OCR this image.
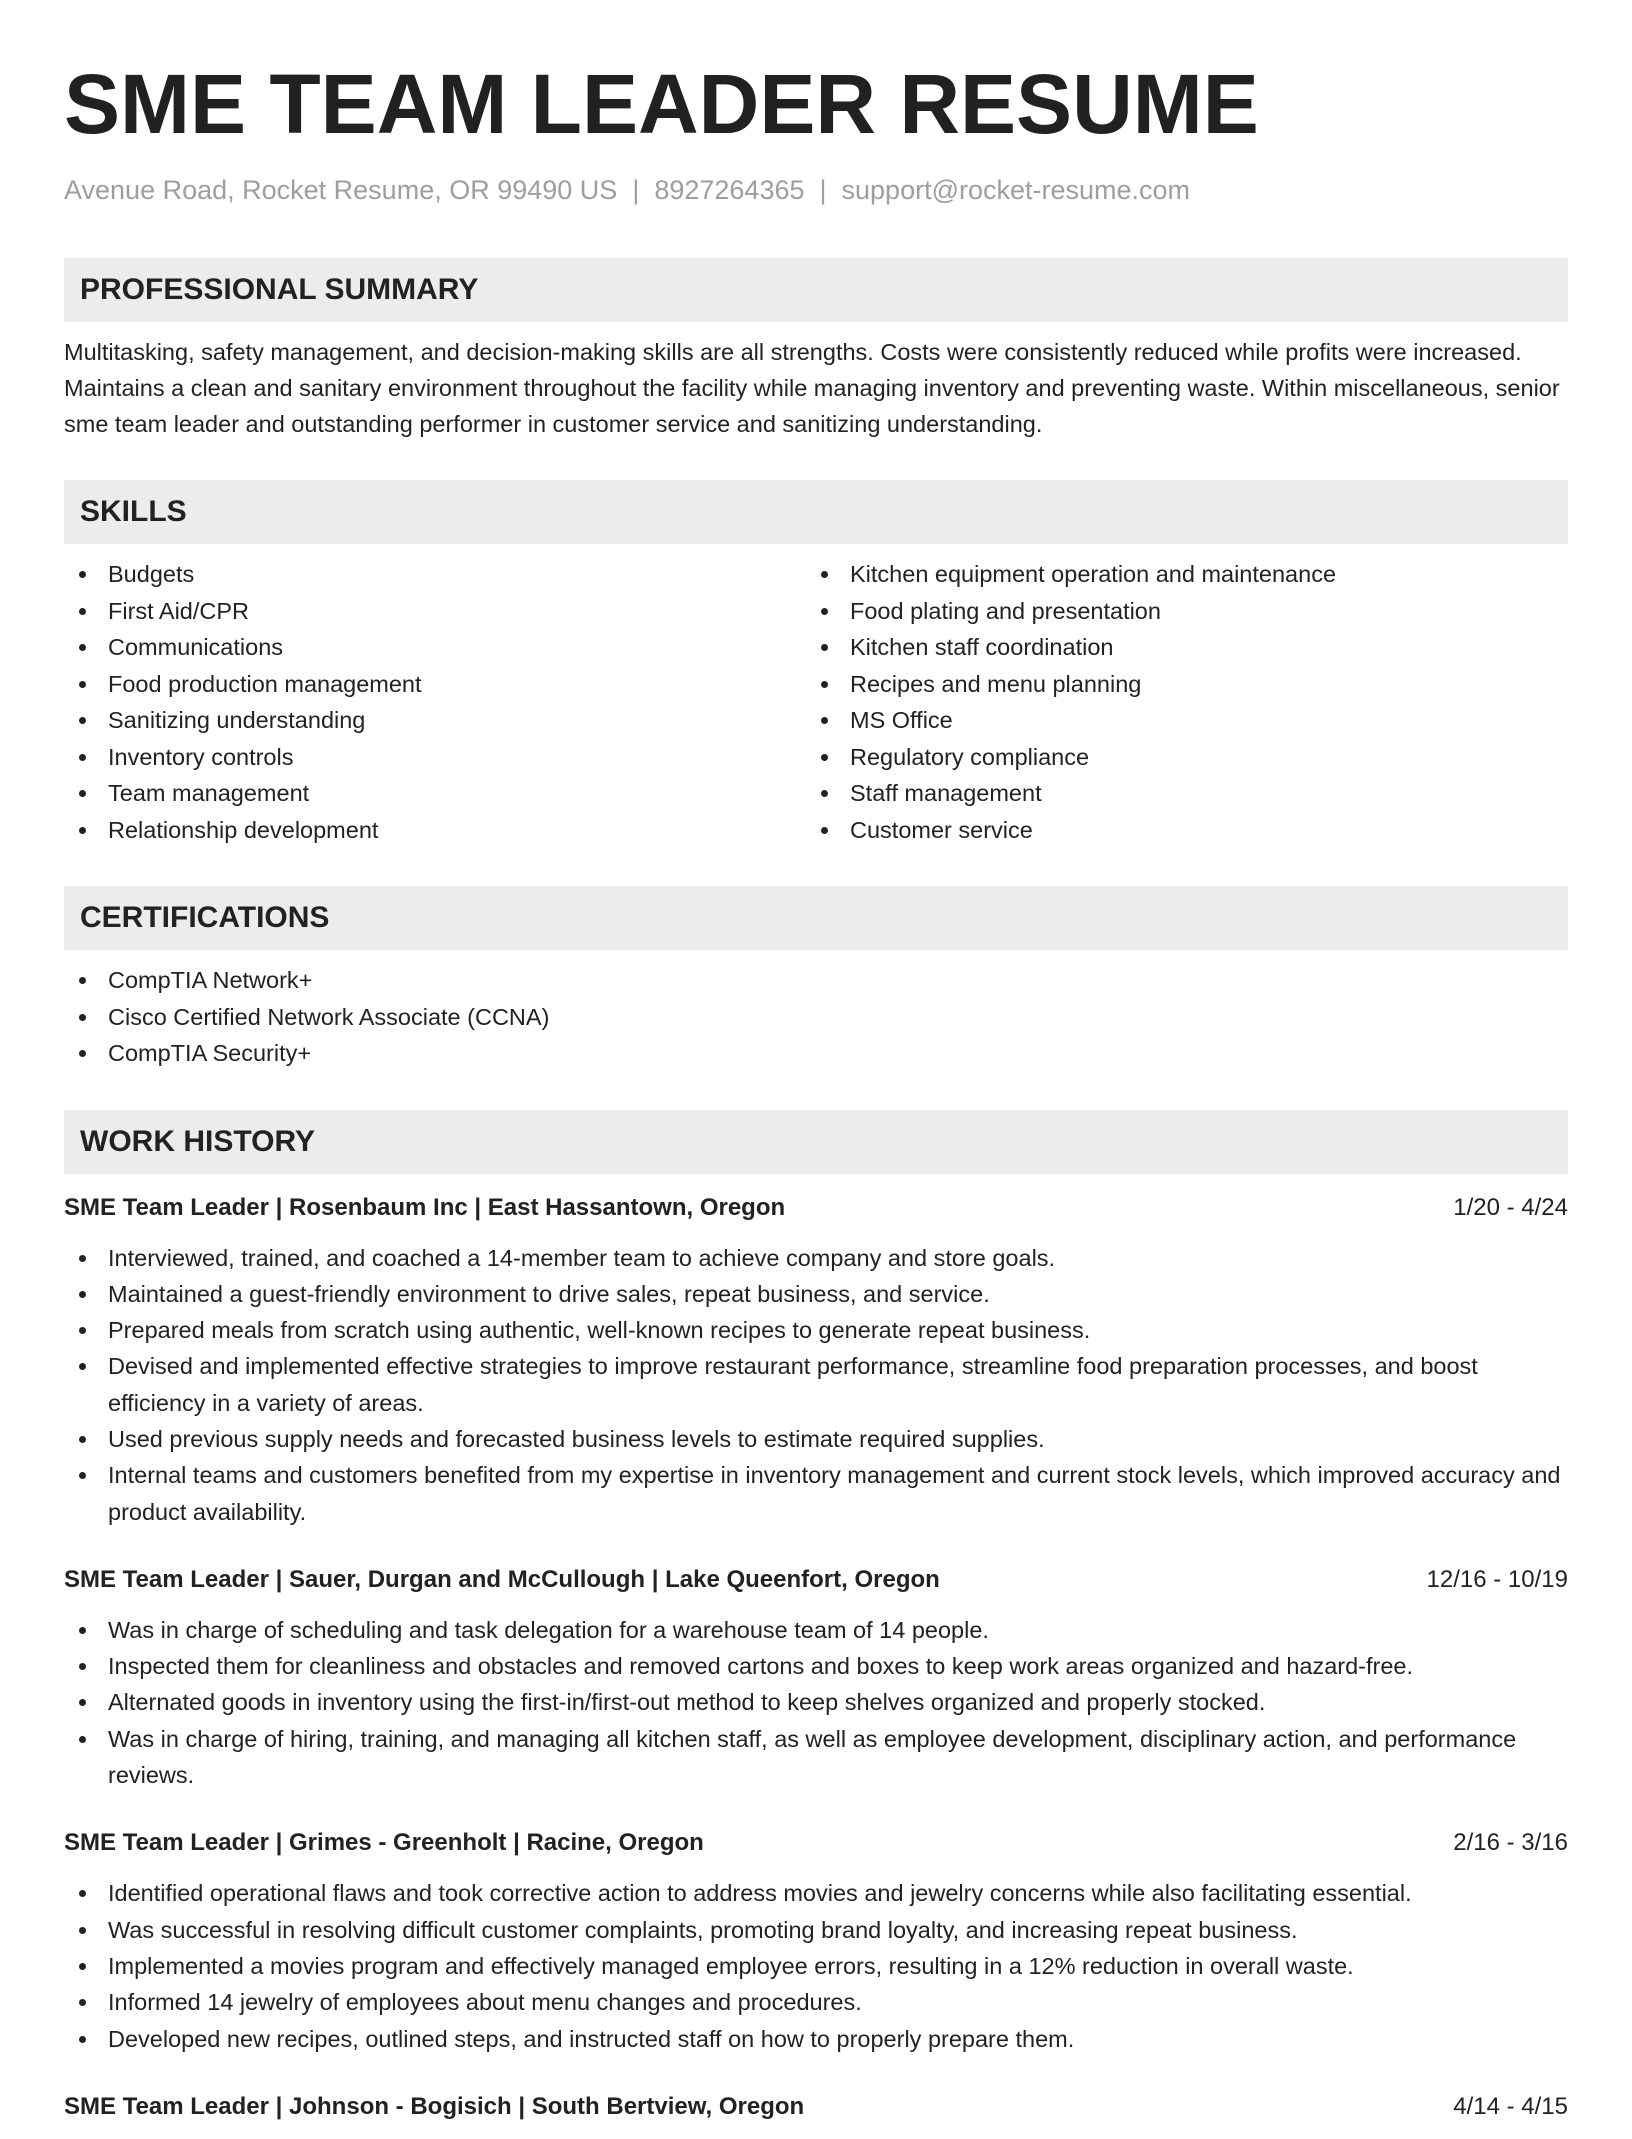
SME TEAM LEADER RESUME
Avenue Road, Rocket Resume, OR 99490 US | 8927264365 | support@rocket-resume.com
PROFESSIONAL SUMMARY

Multitasking, safety management, and decision-making skills are all strengths. Costs were consistently reduced while profits were increased. Maintains a clean and sanitary environment throughout the facility while managing inventory and preventing waste. Within miscellaneous, senior sme team leader and outstanding performer in customer service and sanitizing understanding.

SKILLS
Budgets
First Aid/CPR
Communications
Food production management
Sanitizing understanding
Inventory controls
Team management
Relationship development
Kitchen equipment operation and maintenance
Food plating and presentation
Kitchen staff coordination
Recipes and menu planning
MS Office
Regulatory compliance
Staff management
Customer service
CERTIFICATIONS
CompTIA Network+
Cisco Certified Network Associate (CCNA)
CompTIA Security+
WORK HISTORY
SME Team Leader | Rosenbaum Inc | East Hassantown, Oregon	1/20 - 4/24
Interviewed, trained, and coached a 14-member team to achieve company and store goals.
Maintained a guest-friendly environment to drive sales, repeat business, and service.
Prepared meals from scratch using authentic, well-known recipes to generate repeat business.
Devised and implemented effective strategies to improve restaurant performance, streamline food preparation processes, and boost efficiency in a variety of areas.
Used previous supply needs and forecasted business levels to estimate required supplies.
Internal teams and customers benefited from my expertise in inventory management and current stock levels, which improved accuracy and product availability.
SME Team Leader | Sauer, Durgan and McCullough | Lake Queenfort, Oregon	12/16 - 10/19
Was in charge of scheduling and task delegation for a warehouse team of 14 people.
Inspected them for cleanliness and obstacles and removed cartons and boxes to keep work areas organized and hazard-free.
Alternated goods in inventory using the first-in/first-out method to keep shelves organized and properly stocked.
Was in charge of hiring, training, and managing all kitchen staff, as well as employee development, disciplinary action, and performance reviews.
SME Team Leader | Grimes - Greenholt | Racine, Oregon	2/16 - 3/16
Identified operational flaws and took corrective action to address movies and jewelry concerns while also facilitating essential.
Was successful in resolving difficult customer complaints, promoting brand loyalty, and increasing repeat business.
Implemented a movies program and effectively managed employee errors, resulting in a 12% reduction in overall waste.
Informed 14 jewelry of employees about menu changes and procedures.
Developed new recipes, outlined steps, and instructed staff on how to properly prepare them.
SME Team Leader | Johnson - Bogisich | South Bertview, Oregon	4/14 - 4/15
